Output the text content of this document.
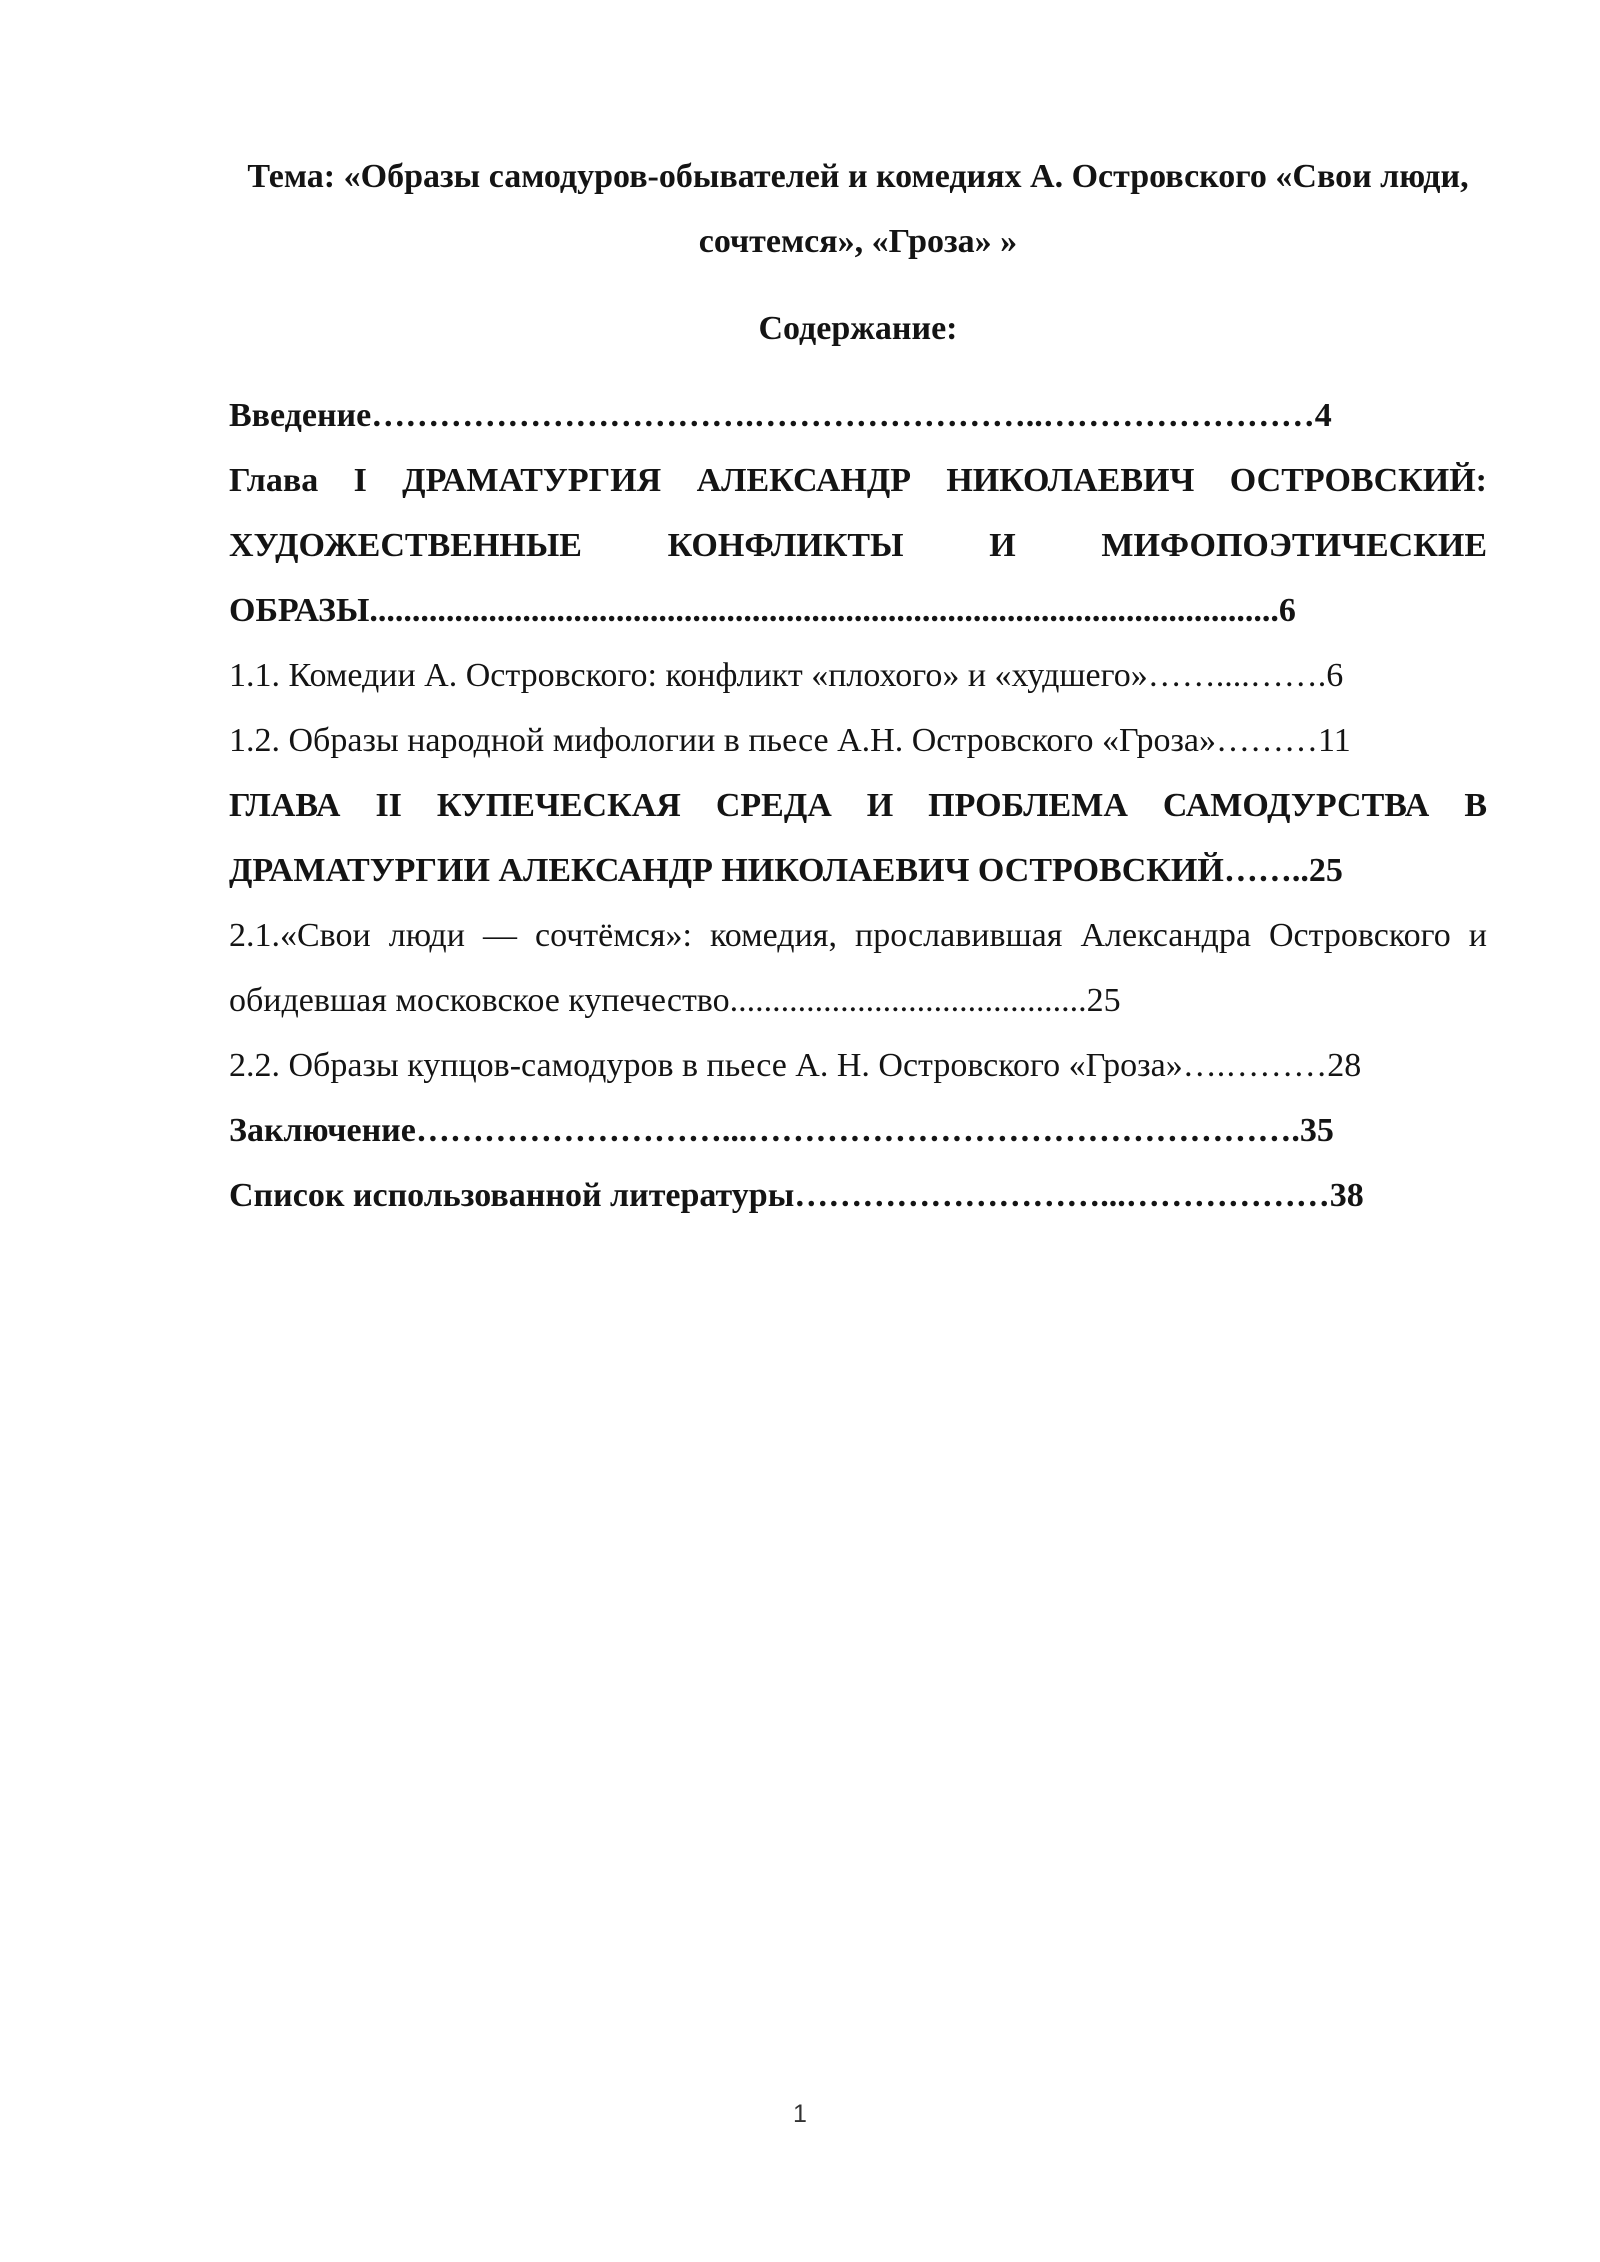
Тема: «Образы самодуров-обывателей и комедиях А. Островского «Свои люди, сочтемся», «Гроза» »

Содержание:

Введение…………………………….……………………..……………………4

Глава I ДРАМАТУРГИЯ АЛЕКСАНДР НИКОЛАЕВИЧ ОСТРОВСКИЙ: ХУДОЖЕСТВЕННЫЕ КОНФЛИКТЫ И МИФОПОЭТИЧЕСКИЕ ОБРАЗЫ...........................................................................................................6

1.1. Комедии А. Островского: конфликт «плохого» и «худшего»……....…….6

1.2. Образы народной мифологии в пьесе А.Н. Островского «Гроза»………11

ГЛАВА II КУПЕЧЕСКАЯ СРЕДА И ПРОБЛЕМА САМОДУРСТВА В ДРАМАТУРГИИ АЛЕКСАНДР НИКОЛАЕВИЧ ОСТРОВСКИЙ……..25

2.1.«Свои люди — сочтёмся»: комедия, прославившая Александра Островского и обидевшая московское купечество..........................................25

2.2. Образы купцов-самодуров в пьесе А. Н. Островского «Гроза»….………28

Заключение………………………...………………………………………….35

Список использованной литературы………………………...………………38

1
